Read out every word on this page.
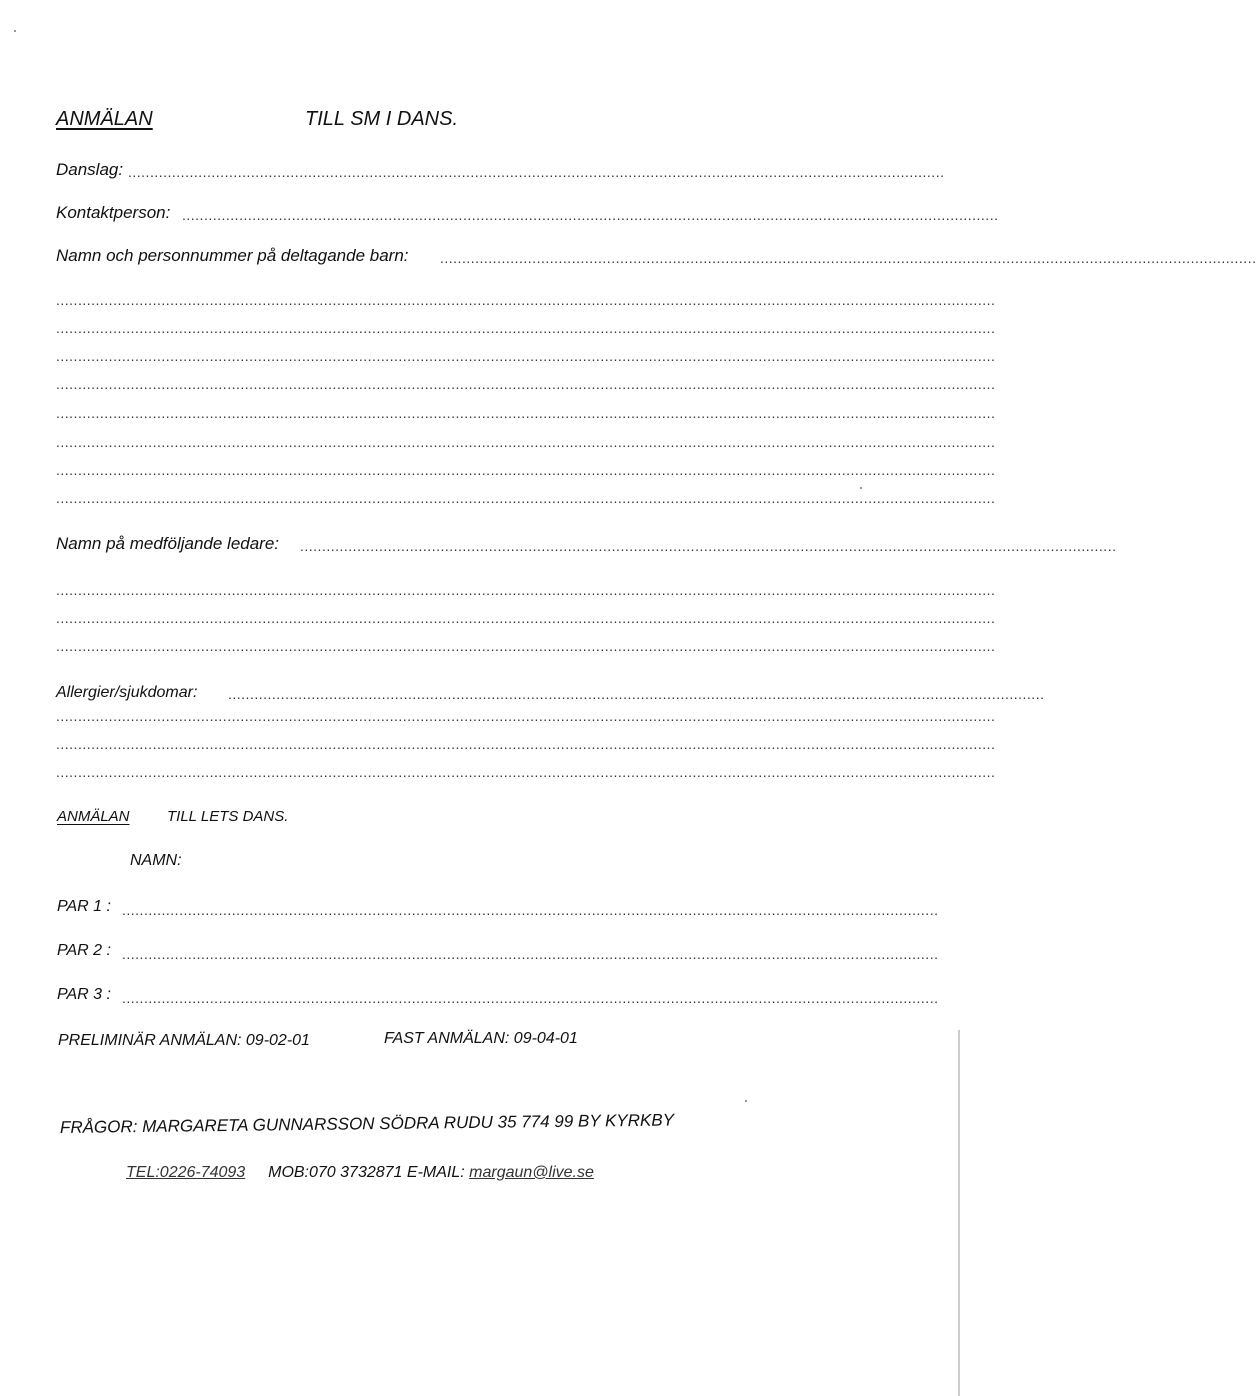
ANMÄLAN	TILL SM I DANS.
Danslag: ..........................................................................................................................................................................................
Kontaktperson: ..........................................................................................................................................................................................
Namn och personnummer på deltagande barn: ..........................................................................................................................................................................................
......................................................................................................................................................................................................................
......................................................................................................................................................................................................................
......................................................................................................................................................................................................................
......................................................................................................................................................................................................................
......................................................................................................................................................................................................................
......................................................................................................................................................................................................................
......................................................................................................................................................................................................................
......................................................................................................................................................................................................................
Namn på medföljande ledare: ..........................................................................................................................................................................................
......................................................................................................................................................................................................................
......................................................................................................................................................................................................................
......................................................................................................................................................................................................................
Allergier/sjukdomar: ..........................................................................................................................................................................................
......................................................................................................................................................................................................................
......................................................................................................................................................................................................................
......................................................................................................................................................................................................................
ANMÄLAN TILL LETS DANS.
NAMN:
PAR 1 : ..........................................................................................................................................................................................
PAR 2 : ..........................................................................................................................................................................................
PAR 3 : ..........................................................................................................................................................................................
PRELIMINÄR ANMÄLAN: 09-02-01	FAST ANMÄLAN: 09-04-01
FRÅGOR: MARGARETA GUNNARSSON SÖDRA RUDU 35 774 99 BY KYRKBY
TEL:0226-74093 MOB:070 3732871 E-MAIL: margaun@live.se
